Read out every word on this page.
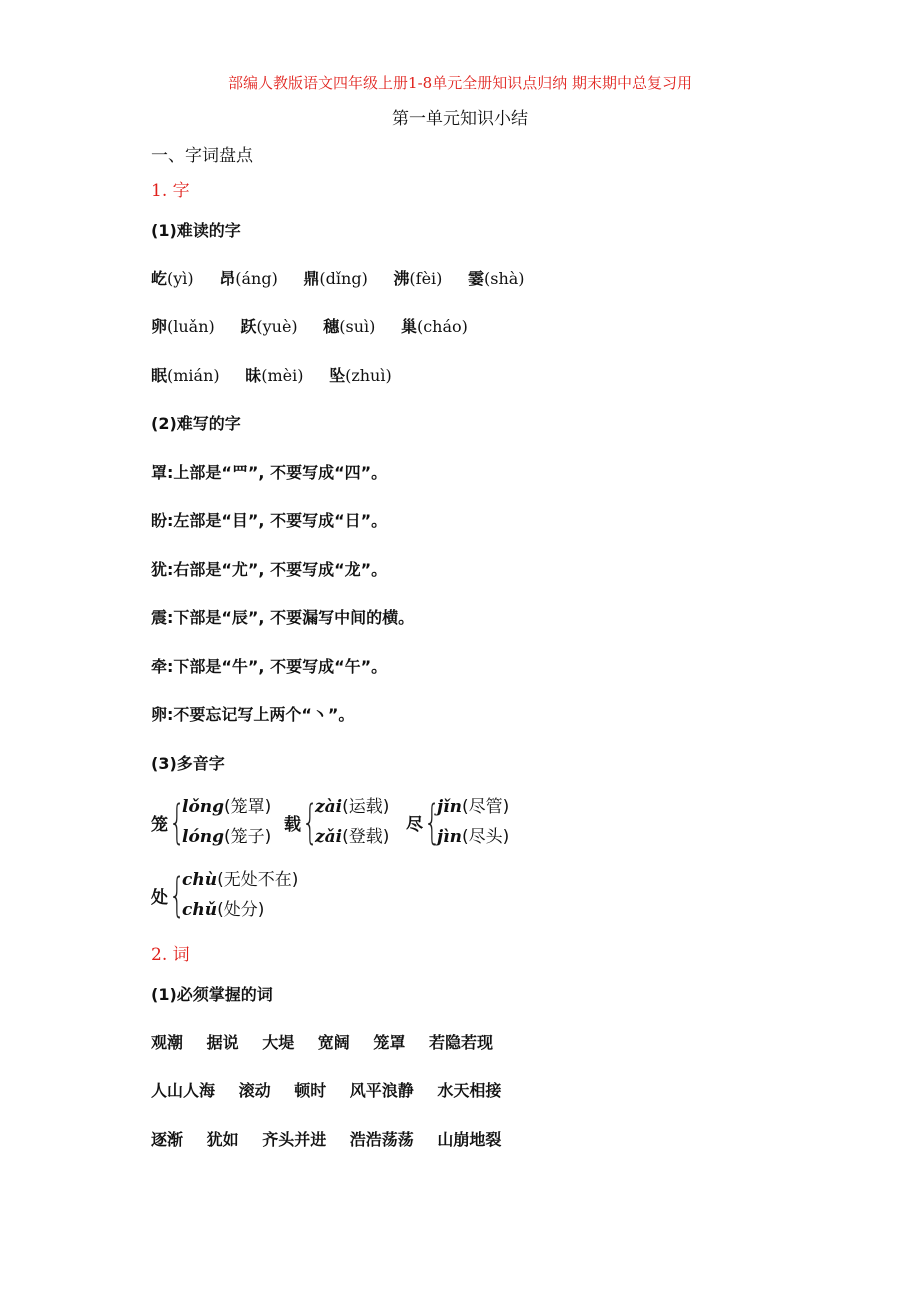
部编人教版语文四年级上册1-8单元全册知识点归纳 期末期中总复习用
第一单元知识小结
一、字词盘点
1. 字
(1)难读的字
屹(yì) 昂(áng) 鼎(dǐng) 沸(fèi) 霎(shà)
卵(luǎn) 跃(yuè) 穗(suì) 巢(cháo)
眠(mián) 昧(mèi) 坠(zhuì)
(2)难写的字
罩:上部是“罒”, 不要写成“四”。
盼:左部是“目”, 不要写成“日”。
犹:右部是“尤”, 不要写成“龙”。
震:下部是“辰”, 不要漏写中间的横。
牵:下部是“牛”, 不要写成“午”。
卵:不要忘记写上两个“丶”。
(3)多音字
笼 {
lǒng(笼罩)
lóng(笼子)
载 {
zài(运载)
zǎi(登载)
尽 {
jǐn(尽管)
jìn(尽头)
处 {
chù(无处不在)
chǔ(处分)
2. 词
(1)必须掌握的词
观潮 据说 大堤 宽阔 笼罩 若隐若现
人山人海 滚动 顿时 风平浪静 水天相接
逐渐 犹如 齐头并进 浩浩荡荡 山崩地裂
